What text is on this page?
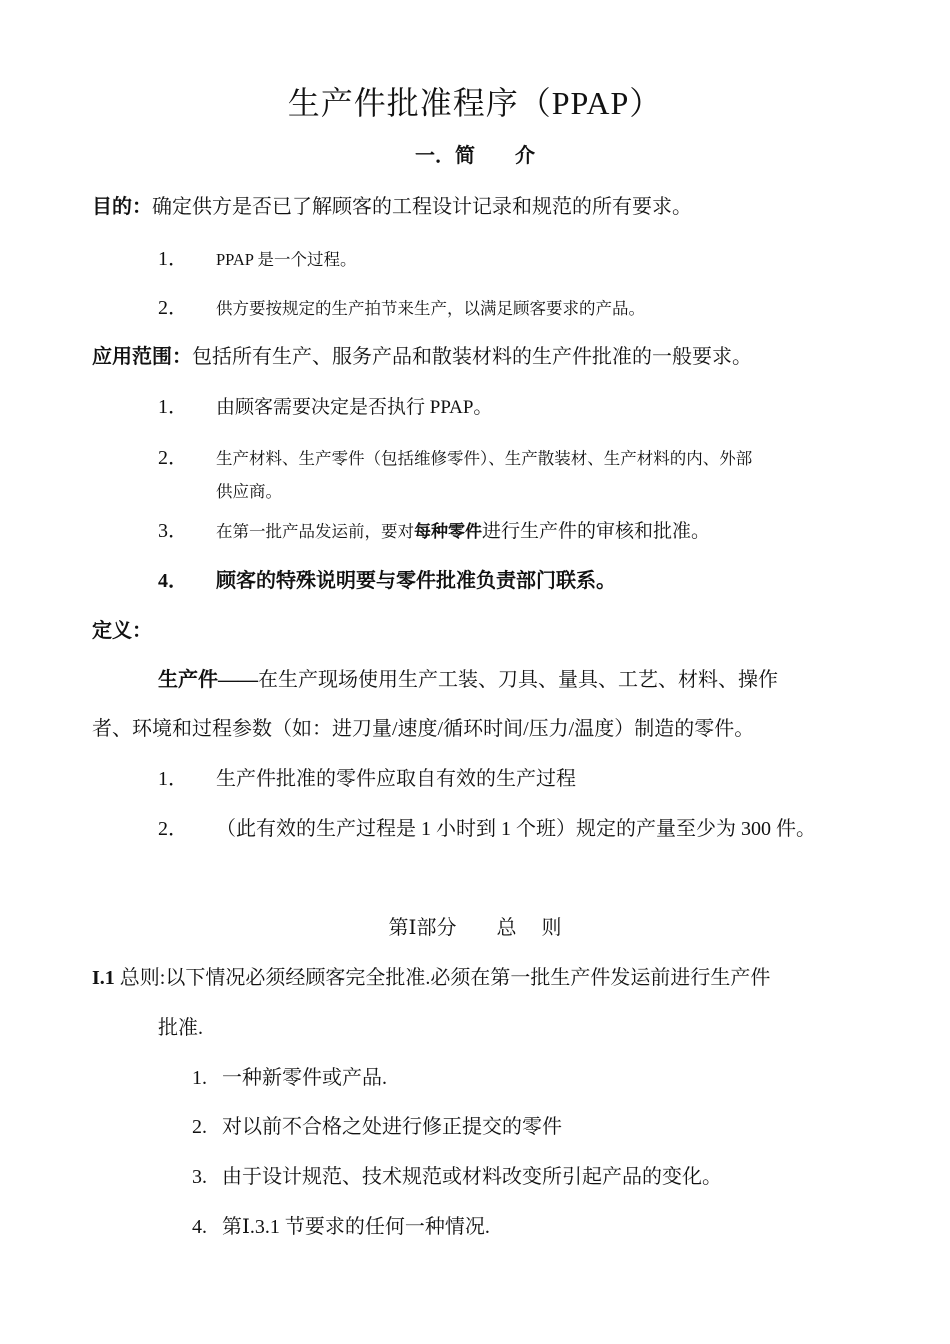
生产件批准程序（PPAP）
一．简　　介
目的：确定供方是否已了解顾客的工程设计记录和规范的所有要求。
1． PPAP 是一个过程。
2． 供方要按规定的生产拍节来生产，以满足顾客要求的产品。
应用范围：包括所有生产、服务产品和散装材料的生产件批准的一般要求。
1． 由顾客需要决定是否执行 PPAP。
2． 生产材料、生产零件（包括维修零件）、生产散装材、生产材料的内、外部
供应商。
3． 在第一批产品发运前，要对每种零件进行生产件的审核和批准。
4． 顾客的特殊说明要与零件批准负责部门联系。
定义：
生产件——在生产现场使用生产工装、刀具、量具、工艺、材料、操作
者、环境和过程参数（如：进刀量/速度/循环时间/压力/温度）制造的零件。
1． 生产件批准的零件应取自有效的生产过程
2． （此有效的生产过程是 1 小时到 1 个班）规定的产量至少为 300 件。
第Ⅰ部分　　总　 则
I.1 总则:以下情况必须经顾客完全批准.必须在第一批生产件发运前进行生产件
批准.
1. 一种新零件或产品.
2. 对以前不合格之处进行修正提交的零件
3. 由于设计规范、技术规范或材料改变所引起产品的变化。
4. 第Ⅰ.3.1 节要求的任何一种情况.
